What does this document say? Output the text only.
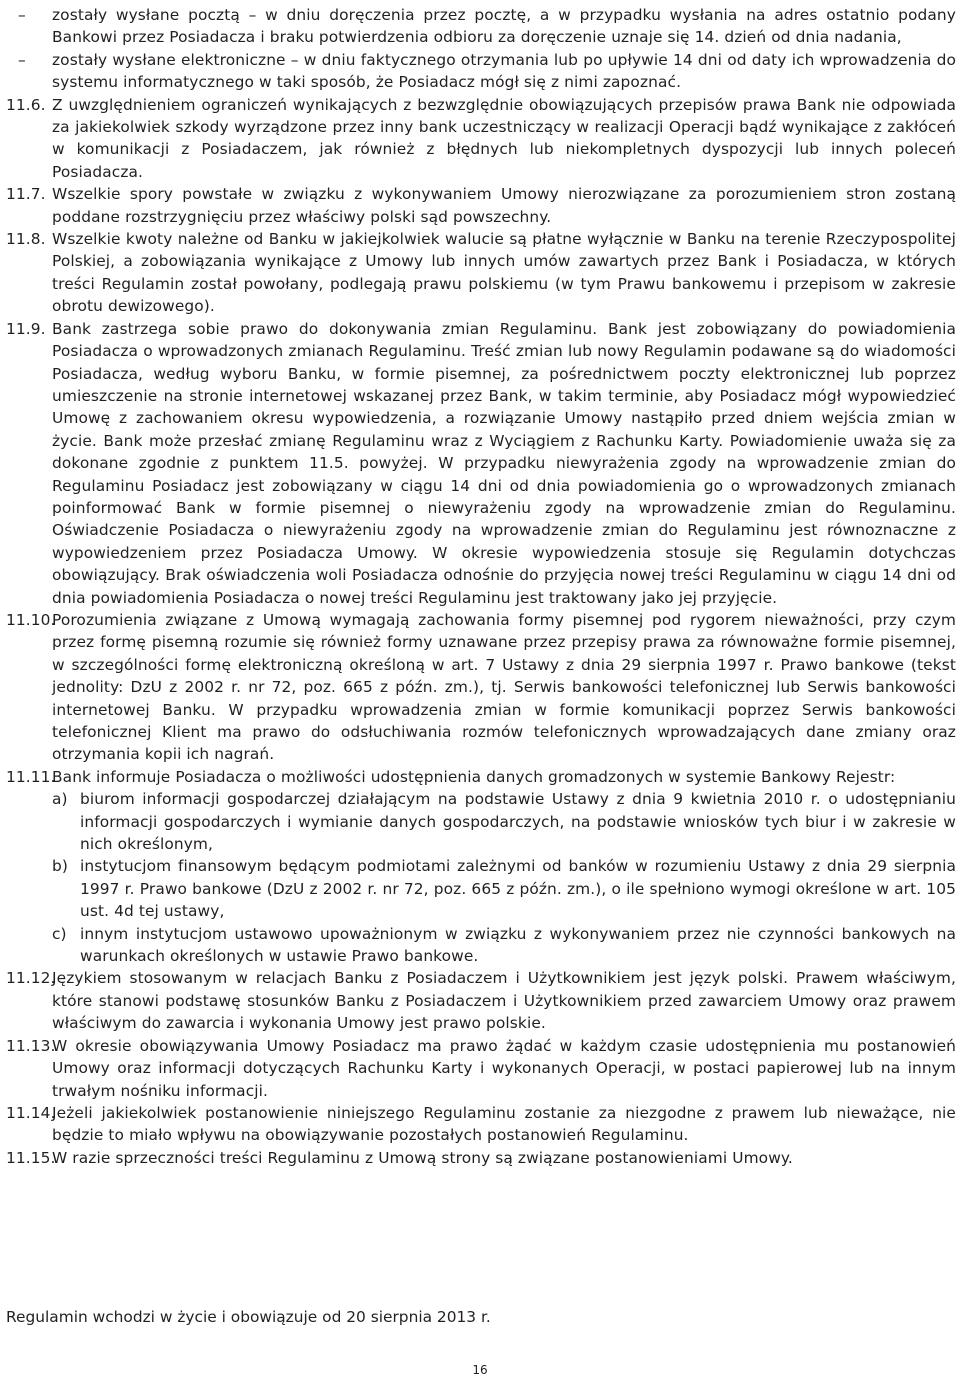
–	zostały wysłane pocztą – w dniu doręczenia przez pocztę, a w przypadku wysłania na adres ostatnio podany Bankowi przez Posiadacza i braku potwierdzenia odbioru za doręczenie uznaje się 14. dzień od dnia nadania,
–	zostały wysłane elektroniczne – w dniu faktycznego otrzymania lub po upływie 14 dni od daty ich wprowadzenia do systemu informatycznego w taki sposób, że Posiadacz mógł się z nimi zapoznać.
11.6. Z uwzględnieniem ograniczeń wynikających z bezwzględnie obowiązujących przepisów prawa Bank nie odpowiada za jakiekolwiek szkody wyrządzone przez inny bank uczestniczący w realizacji Operacji bądź wynikające z zakłóceń w komunikacji z Posiadaczem, jak również z błędnych lub niekompletnych dyspozycji lub innych poleceń Posiadacza.
11.7. Wszelkie spory powstałe w związku z wykonywaniem Umowy nierozwiązane za porozumieniem stron zostaną poddane rozstrzygnięciu przez właściwy polski sąd powszechny.
11.8. Wszelkie kwoty należne od Banku w jakiejkolwiek walucie są płatne wyłącznie w Banku na terenie Rzeczypospolitej Polskiej, a zobowiązania wynikające z Umowy lub innych umów zawartych przez Bank i Posiadacza, w których treści Regulamin został powołany, podlegają prawu polskiemu (w tym Prawu bankowemu i przepisom w zakresie obrotu dewizowego).
11.9. Bank zastrzega sobie prawo do dokonywania zmian Regulaminu. Bank jest zobowiązany do powiadomienia Posiadacza o wprowadzonych zmianach Regulaminu. Treść zmian lub nowy Regulamin podawane są do wiadomości Posiadacza, według wyboru Banku, w formie pisemnej, za pośrednictwem poczty elektronicznej lub poprzez umieszczenie na stronie internetowej wskazanej przez Bank, w takim terminie, aby Posiadacz mógł wypowiedzieć Umowę z zachowaniem okresu wypowiedzenia, a rozwiązanie Umowy nastąpiło przed dniem wejścia zmian w życie. Bank może przesłać zmianę Regulaminu wraz z Wyciągiem z Rachunku Karty. Powiadomienie uważa się za dokonane zgodnie z punktem 11.5. powyżej. W przypadku niewyrażenia zgody na wprowadzenie zmian do Regulaminu Posiadacz jest zobowiązany w ciągu 14 dni od dnia powiadomienia go o wprowadzonych zmianach poinformować Bank w formie pisemnej o niewyrażeniu zgody na wprowadzenie zmian do Regulaminu. Oświadczenie Posiadacza o niewyrażeniu zgody na wprowadzenie zmian do Regulaminu jest równoznaczne z wypowiedzeniem przez Posiadacza Umowy. W okresie wypowiedzenia stosuje się Regulamin dotychczas obowiązujący. Brak oświadczenia woli Posiadacza odnośnie do przyjęcia nowej treści Regulaminu w ciągu 14 dni od dnia powiadomienia Posiadacza o nowej treści Regulaminu jest traktowany jako jej przyjęcie.
11.10.
Porozumienia związane z Umową wymagają zachowania formy pisemnej pod rygorem nieważności, przy czym przez formę pisemną rozumie się również formy uznawane przez przepisy prawa za równoważne formie pisemnej, w szczególności formę elektroniczną określoną w art. 7 Ustawy z dnia 29 sierpnia 1997 r. Prawo bankowe (tekst jednolity: DzU z 2002 r. nr 72, poz. 665 z późn. zm.), tj. Serwis bankowości telefonicznej lub Serwis bankowości internetowej Banku. W przypadku wprowadzenia zmian w formie komunikacji poprzez Serwis bankowości telefonicznej Klient ma prawo do odsłuchiwania rozmów telefonicznych wprowadzających dane zmiany oraz otrzymania kopii ich nagrań.
11.11.
Bank informuje Posiadacza o możliwości udostępnienia danych gromadzonych w systemie Bankowy Rejestr:
a) biurom informacji gospodarczej działającym na podstawie Ustawy z dnia 9 kwietnia 2010 r. o udostępnianiu informacji gospodarczych i wymianie danych gospodarczych, na podstawie wniosków tych biur i w zakresie w nich określonym,
b) instytucjom finansowym będącym podmiotami zależnymi od banków w rozumieniu Ustawy z dnia 29 sierpnia 1997 r. Prawo bankowe (DzU z 2002 r. nr 72, poz. 665 z późn. zm.), o ile spełniono wymogi określone w art. 105 ust. 4d tej ustawy,
c) innym instytucjom ustawowo upoważnionym w związku z wykonywaniem przez nie czynności bankowych na warunkach określonych w ustawie Prawo bankowe.
11.12.
Językiem stosowanym w relacjach Banku z Posiadaczem i Użytkownikiem jest język polski. Prawem właściwym, które stanowi podstawę stosunków Banku z Posiadaczem i Użytkownikiem przed zawarciem Umowy oraz prawem właściwym do zawarcia i wykonania Umowy jest prawo polskie.
11.13.
W okresie obowiązywania Umowy Posiadacz ma prawo żądać w każdym czasie udostępnienia mu postanowień Umowy oraz informacji dotyczących Rachunku Karty i wykonanych Operacji, w postaci papierowej lub na innym trwałym nośniku informacji.
11.14.
Jeżeli jakiekolwiek postanowienie niniejszego Regulaminu zostanie za niezgodne z prawem lub nieważące, nie będzie to miało wpływu na obowiązywanie pozostałych postanowień Regulaminu.
11.15.
W razie sprzeczności treści Regulaminu z Umową strony są związane postanowieniami Umowy.
Regulamin wchodzi w życie i obowiązuje od 20 sierpnia 2013 r.
16
